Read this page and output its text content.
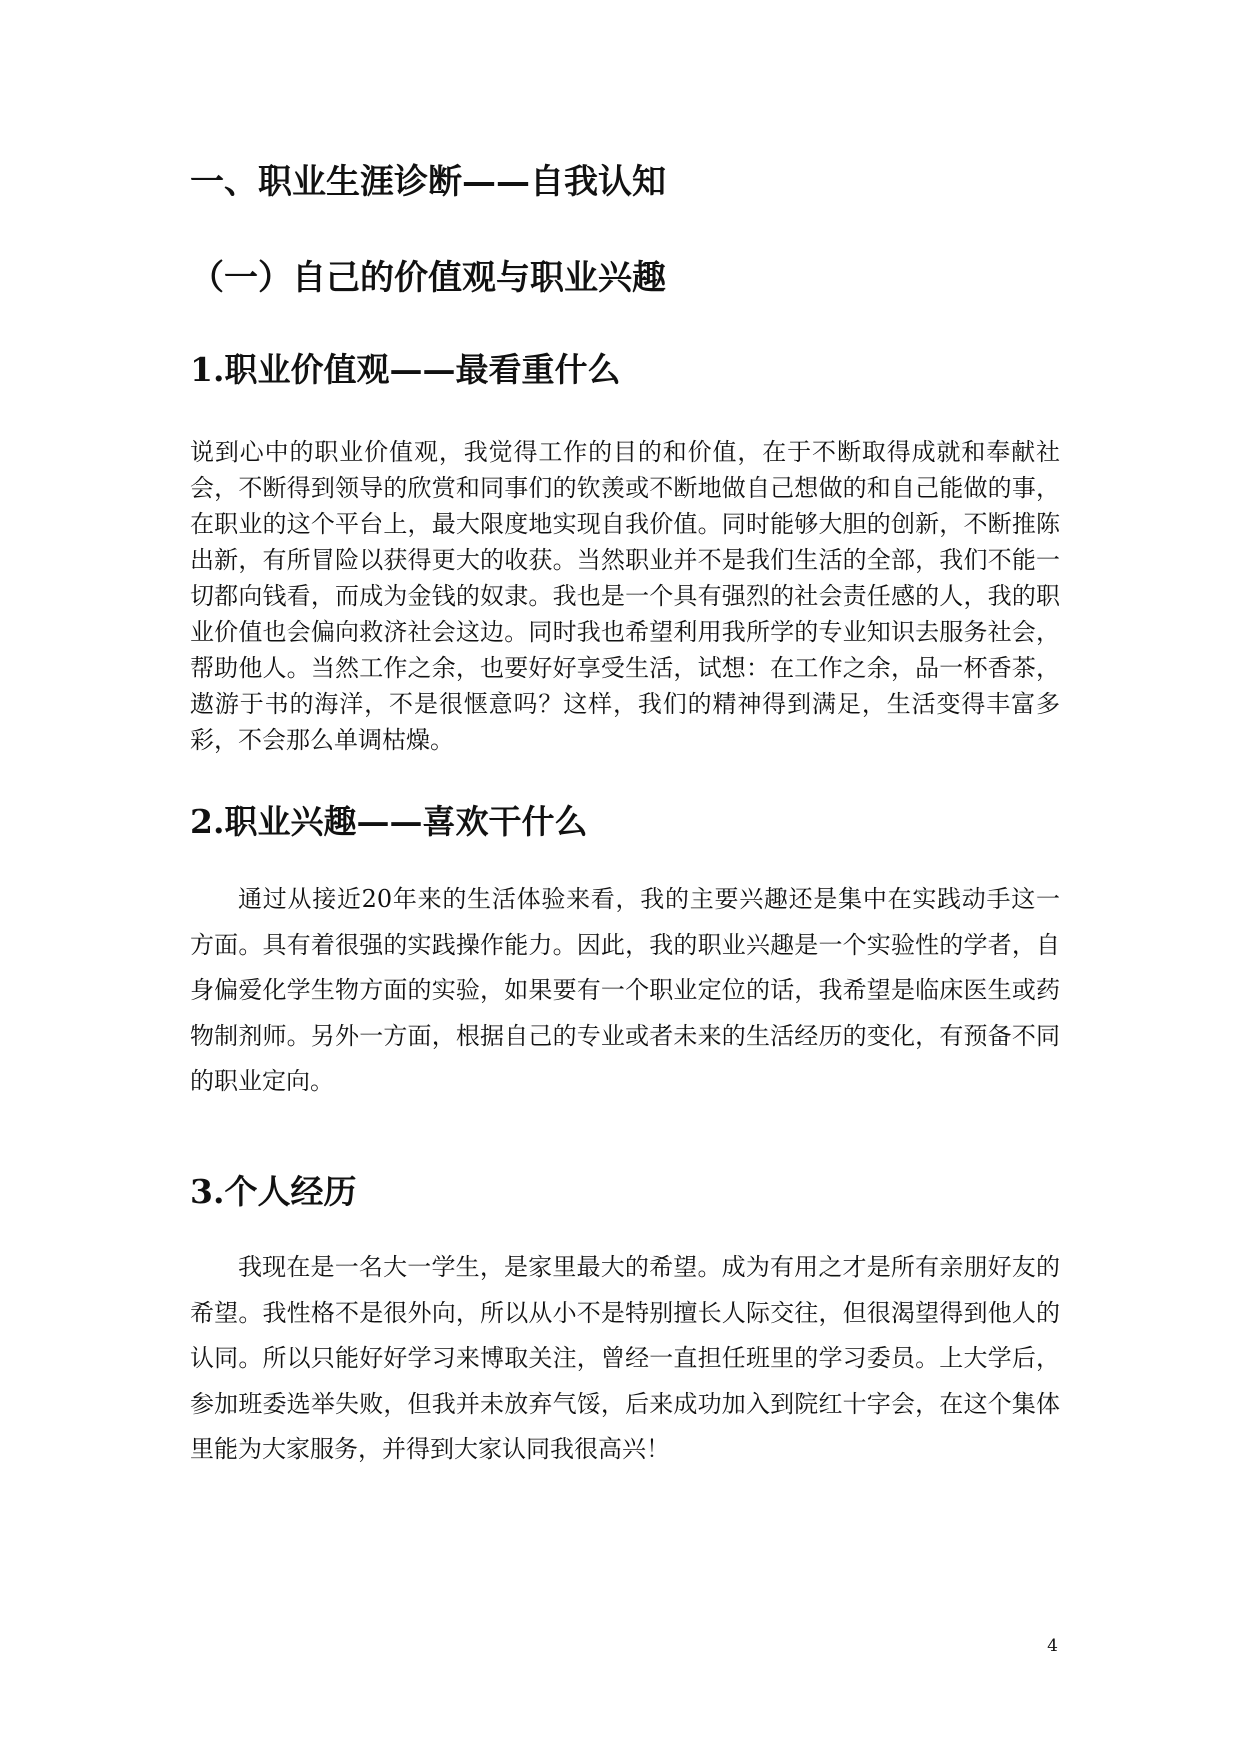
一、职业生涯诊断——自我认知
（一）自己的价值观与职业兴趣
1.职业价值观——最看重什么

说到心中的职业价值观，我觉得工作的目的和价值，在于不断取得成就和奉献社会，不断得到领导的欣赏和同事们的钦羡或不断地做自己想做的和自己能做的事，在职业的这个平台上，最大限度地实现自我价值。同时能够大胆的创新，不断推陈出新，有所冒险以获得更大的收获。当然职业并不是我们生活的全部，我们不能一切都向钱看，而成为金钱的奴隶。我也是一个具有强烈的社会责任感的人，我的职业价值也会偏向救济社会这边。同时我也希望利用我所学的专业知识去服务社会，帮助他人。当然工作之余，也要好好享受生活，试想：在工作之余，品一杯香茶，遨游于书的海洋，不是很惬意吗？这样，我们的精神得到满足，生活变得丰富多彩，不会那么单调枯燥。

2.职业兴趣——喜欢干什么

通过从接近20年来的生活体验来看，我的主要兴趣还是集中在实践动手这一方面。具有着很强的实践操作能力。因此，我的职业兴趣是一个实验性的学者，自身偏爱化学生物方面的实验，如果要有一个职业定位的话，我希望是临床医生或药物制剂师。另外一方面，根据自己的专业或者未来的生活经历的变化，有预备不同的职业定向。

3.个人经历

我现在是一名大一学生，是家里最大的希望。成为有用之才是所有亲朋好友的希望。我性格不是很外向，所以从小不是特别擅长人际交往，但很渴望得到他人的认同。所以只能好好学习来博取关注，曾经一直担任班里的学习委员。上大学后，参加班委选举失败，但我并未放弃气馁，后来成功加入到院红十字会，在这个集体里能为大家服务，并得到大家认同我很高兴！

4
